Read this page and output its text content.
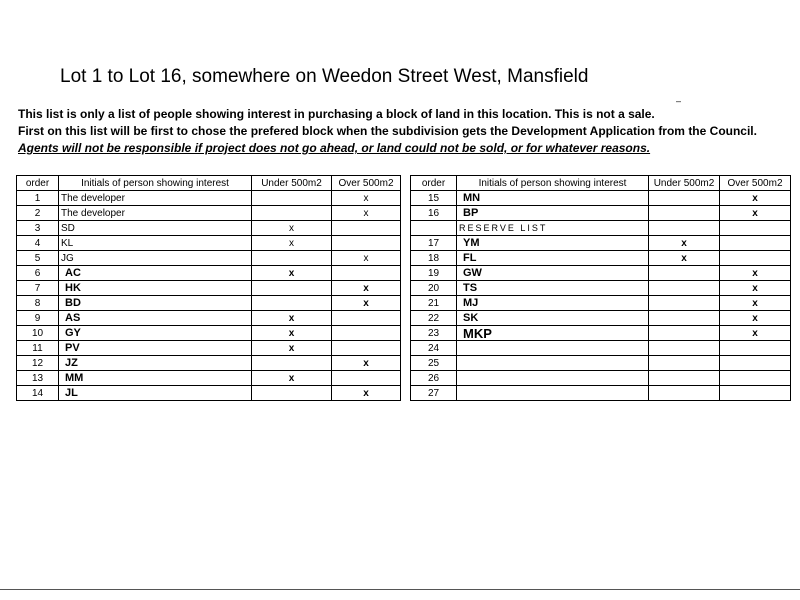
Lot 1 to Lot 16, somewhere on Weedon Street West, Mansfield
–

This list is only a list of people showing interest in purchasing a block of land in this location. This is not a sale.
First on this list will be first to chose the prefered block when the subdivision gets the Development Application from the Council. Agents will not be responsible if project does not go ahead, or land could not be sold, or for whatever reasons.

order	Initials of person showing interest	Under 500m2	Over 500m2
1	The developer		x
2	The developer		x
3	SD	x	
4	KL	x	
5	JG		x
6	AC	x	
7	HK		x
8	BD		x
9	AS	x	
10	GY	x	
11	PV	x	
12	JZ		x
13	MM	x	
14	JL		x
order	Initials of person showing interest	Under 500m2	Over 500m2
15	MN		x
16	BP		x
	RESERVE LIST		
17	YM	x	
18	FL	x	
19	GW		x
20	TS		x
21	MJ		x
22	SK		x
23	MKP		x
24			
25			
26			
27			
